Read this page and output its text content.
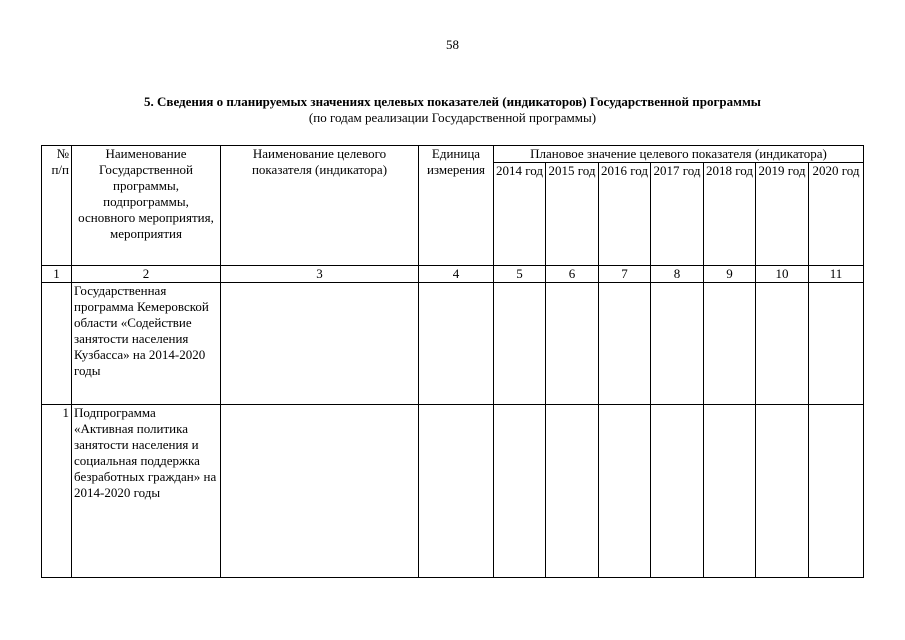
58
5. Сведения о планируемых значениях целевых показателей (индикаторов) Государственной программы
(по годам реализации Государственной программы)
№ п/п	Наименование Государственной программы, подпрограммы, основного мероприятия, мероприятия	Наименование целевого показателя (индикатора)	Единица измерения	Плановое значение целевого показателя (индикатора)						
				2014 год	2015 год	2016 год	2017 год	2018 год	2019 год	2020 год
1	2	3	4	5	6	7	8	9	10	11
	Государственная программа Кемеровской области «Содействие занятости населения Кузбасса» на 2014-2020 годы									
1	Подпрограмма «Активная политика занятости населения и социальная поддержка безработных граждан» на 2014-2020 годы									
